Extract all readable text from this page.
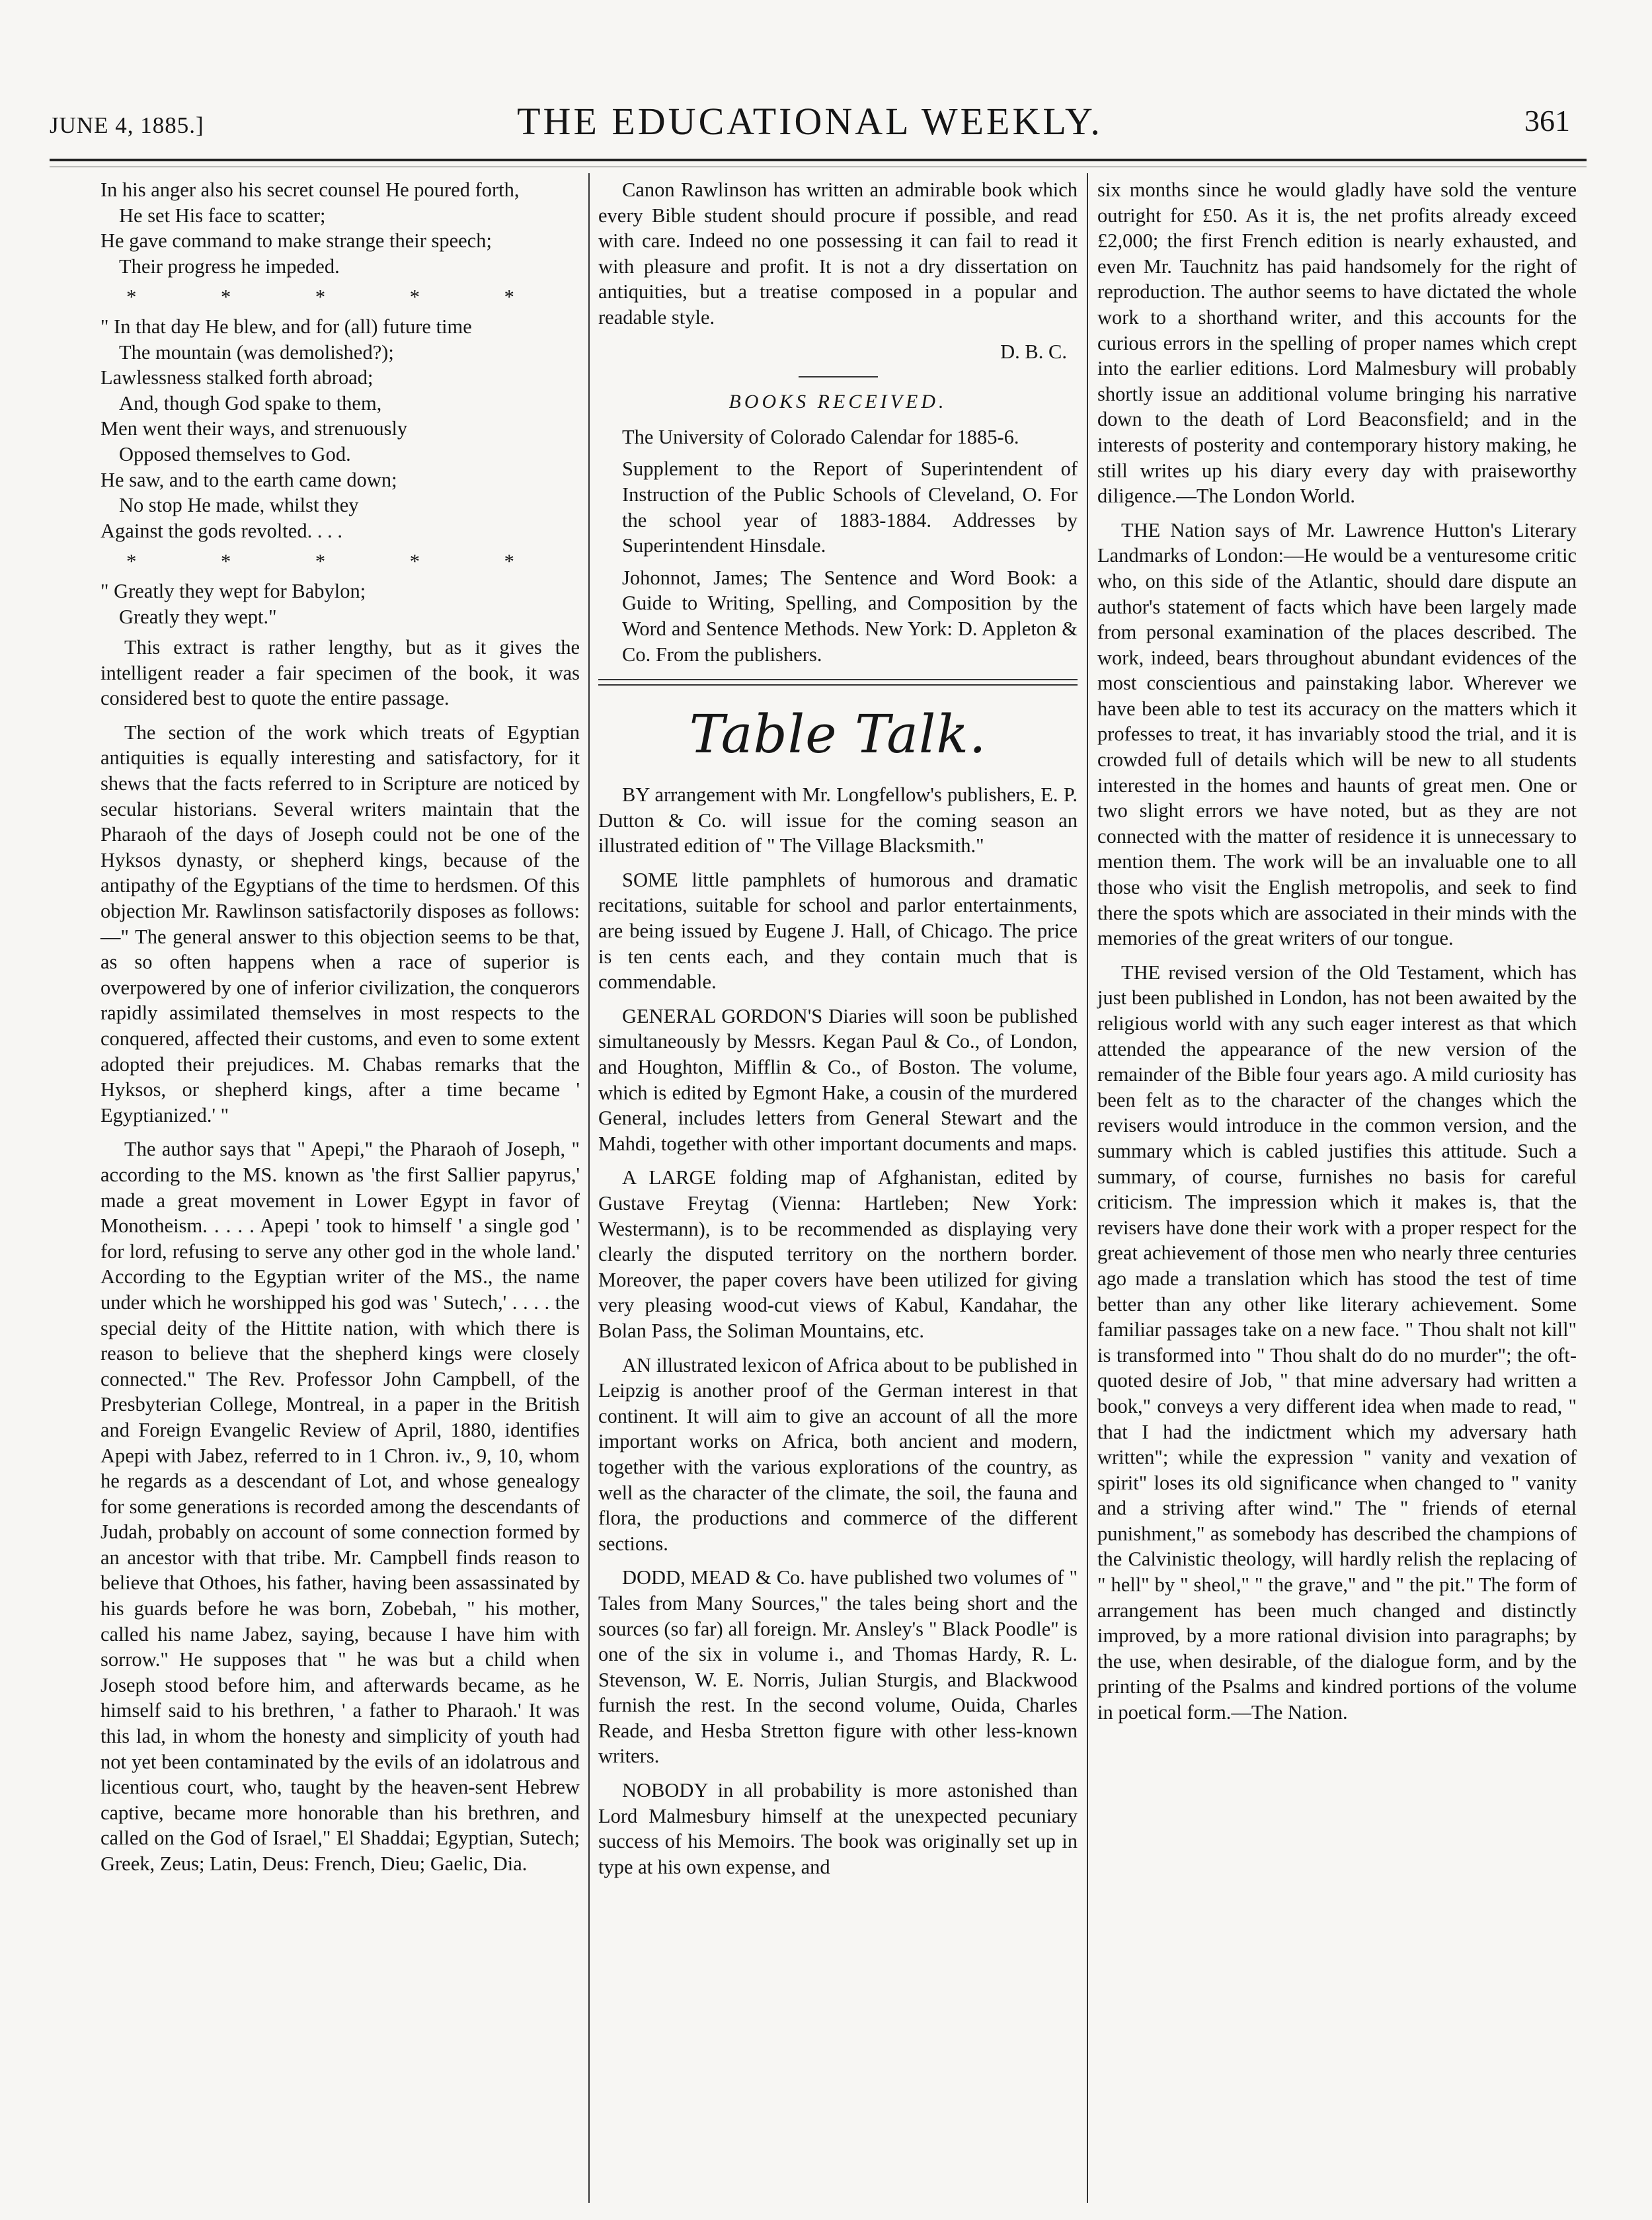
JUNE 4, 1885.]	THE EDUCATIONAL WEEKLY.	361
In his anger also his secret counsel He poured forth,
He set His face to scatter;
He gave command to make strange their speech;
Their progress he impeded.
* * * * *
" In that day He blew, and for (all) future time
The mountain (was demolished?);
Lawlessness stalked forth abroad;
And, though God spake to them,
Men went their ways, and strenuously
Opposed themselves to God.
He saw, and to the earth came down;
No stop He made, whilst they
Against the gods revolted. . . .
* * * * *
" Greatly they wept for Babylon;
Greatly they wept."

This extract is rather lengthy, but as it gives the intelligent reader a fair specimen of the book, it was considered best to quote the entire passage.

The section of the work which treats of Egyptian antiquities is equally interesting and satisfactory, for it shews that the facts referred to in Scripture are noticed by secular historians. Several writers maintain that the Pharaoh of the days of Joseph could not be one of the Hyksos dynasty, or shepherd kings, because of the antipathy of the Egyptians of the time to herdsmen. Of this objection Mr. Rawlinson satisfactorily disposes as follows:—" The general answer to this objection seems to be that, as so often happens when a race of superior is overpowered by one of inferior civilization, the conquerors rapidly assimilated themselves in most respects to the conquered, affected their customs, and even to some extent adopted their prejudices. M. Chabas remarks that the Hyksos, or shepherd kings, after a time became ' Egyptianized.' "

The author says that " Apepi," the Pharaoh of Joseph, " according to the MS. known as 'the first Sallier papyrus,' made a great movement in Lower Egypt in favor of Monotheism. . . . . Apepi ' took to himself ' a single god ' for lord, refusing to serve any other god in the whole land.' According to the Egyptian writer of the MS., the name under which he worshipped his god was ' Sutech,' . . . . the special deity of the Hittite nation, with which there is reason to believe that the shepherd kings were closely connected." The Rev. Professor John Campbell, of the Presbyterian College, Montreal, in a paper in the British and Foreign Evangelic Review of April, 1880, identifies Apepi with Jabez, referred to in 1 Chron. iv., 9, 10, whom he regards as a descendant of Lot, and whose genealogy for some generations is recorded among the descendants of Judah, probably on account of some connection formed by an ancestor with that tribe. Mr. Campbell finds reason to believe that Othoes, his father, having been assassinated by his guards before he was born, Zobebah, " his mother, called his name Jabez, saying, because I have him with sorrow." He supposes that " he was but a child when Joseph stood before him, and afterwards became, as he himself said to his brethren, ' a father to Pharaoh.' It was this lad, in whom the honesty and simplicity of youth had not yet been contaminated by the evils of an idolatrous and licentious court, who, taught by the heaven-sent Hebrew captive, became more honorable than his brethren, and called on the God of Israel," El Shaddai; Egyptian, Sutech; Greek, Zeus; Latin, Deus: French, Dieu; Gaelic, Dia.

Canon Rawlinson has written an admirable book which every Bible student should procure if possible, and read with care. Indeed no one possessing it can fail to read it with pleasure and profit. It is not a dry dissertation on antiquities, but a treatise composed in a popular and readable style.

D. B. C.
BOOKS RECEIVED.

The University of Colorado Calendar for 1885-6.

Supplement to the Report of Superintendent of Instruction of the Public Schools of Cleveland, O. For the school year of 1883-1884. Addresses by Superintendent Hinsdale.

Johonnot, James; The Sentence and Word Book: a Guide to Writing, Spelling, and Composition by the Word and Sentence Methods. New York: D. Appleton & Co. From the publishers.

Table Talk.

BY arrangement with Mr. Longfellow's publishers, E. P. Dutton & Co. will issue for the coming season an illustrated edition of " The Village Blacksmith."

SOME little pamphlets of humorous and dramatic recitations, suitable for school and parlor entertainments, are being issued by Eugene J. Hall, of Chicago. The price is ten cents each, and they contain much that is commendable.

GENERAL GORDON'S Diaries will soon be published simultaneously by Messrs. Kegan Paul & Co., of London, and Houghton, Mifflin & Co., of Boston. The volume, which is edited by Egmont Hake, a cousin of the murdered General, includes letters from General Stewart and the Mahdi, together with other important documents and maps.

A LARGE folding map of Afghanistan, edited by Gustave Freytag (Vienna: Hartleben; New York: Westermann), is to be recommended as displaying very clearly the disputed territory on the northern border. Moreover, the paper covers have been utilized for giving very pleasing wood-cut views of Kabul, Kandahar, the Bolan Pass, the Soliman Mountains, etc.

AN illustrated lexicon of Africa about to be published in Leipzig is another proof of the German interest in that continent. It will aim to give an account of all the more important works on Africa, both ancient and modern, together with the various explorations of the country, as well as the character of the climate, the soil, the fauna and flora, the productions and commerce of the different sections.

DODD, MEAD & Co. have published two volumes of " Tales from Many Sources," the tales being short and the sources (so far) all foreign. Mr. Ansley's " Black Poodle" is one of the six in volume i., and Thomas Hardy, R. L. Stevenson, W. E. Norris, Julian Sturgis, and Blackwood furnish the rest. In the second volume, Ouida, Charles Reade, and Hesba Stretton figure with other less-known writers.

NOBODY in all probability is more astonished than Lord Malmesbury himself at the unexpected pecuniary success of his Memoirs. The book was originally set up in type at his own expense, and

six months since he would gladly have sold the venture outright for £50. As it is, the net profits already exceed £2,000; the first French edition is nearly exhausted, and even Mr. Tauchnitz has paid handsomely for the right of reproduction. The author seems to have dictated the whole work to a shorthand writer, and this accounts for the curious errors in the spelling of proper names which crept into the earlier editions. Lord Malmesbury will probably shortly issue an additional volume bringing his narrative down to the death of Lord Beaconsfield; and in the interests of posterity and contemporary history making, he still writes up his diary every day with praiseworthy diligence.—The London World.

THE Nation says of Mr. Lawrence Hutton's Literary Landmarks of London:—He would be a venturesome critic who, on this side of the Atlantic, should dare dispute an author's statement of facts which have been largely made from personal examination of the places described. The work, indeed, bears throughout abundant evidences of the most conscientious and painstaking labor. Wherever we have been able to test its accuracy on the matters which it professes to treat, it has invariably stood the trial, and it is crowded full of details which will be new to all students interested in the homes and haunts of great men. One or two slight errors we have noted, but as they are not connected with the matter of residence it is unnecessary to mention them. The work will be an invaluable one to all those who visit the English metropolis, and seek to find there the spots which are associated in their minds with the memories of the great writers of our tongue.

THE revised version of the Old Testament, which has just been published in London, has not been awaited by the religious world with any such eager interest as that which attended the appearance of the new version of the remainder of the Bible four years ago. A mild curiosity has been felt as to the character of the changes which the revisers would introduce in the common version, and the summary which is cabled justifies this attitude. Such a summary, of course, furnishes no basis for careful criticism. The impression which it makes is, that the revisers have done their work with a proper respect for the great achievement of those men who nearly three centuries ago made a translation which has stood the test of time better than any other like literary achievement. Some familiar passages take on a new face. " Thou shalt not kill" is transformed into " Thou shalt do do no murder"; the oft-quoted desire of Job, " that mine adversary had written a book," conveys a very different idea when made to read, " that I had the indictment which my adversary hath written"; while the expression " vanity and vexation of spirit" loses its old significance when changed to " vanity and a striving after wind." The " friends of eternal punishment," as somebody has described the champions of the Calvinistic theology, will hardly relish the replacing of " hell" by " sheol," " the grave," and " the pit." The form of arrangement has been much changed and distinctly improved, by a more rational division into paragraphs; by the use, when desirable, of the dialogue form, and by the printing of the Psalms and kindred portions of the volume in poetical form.—The Nation.
